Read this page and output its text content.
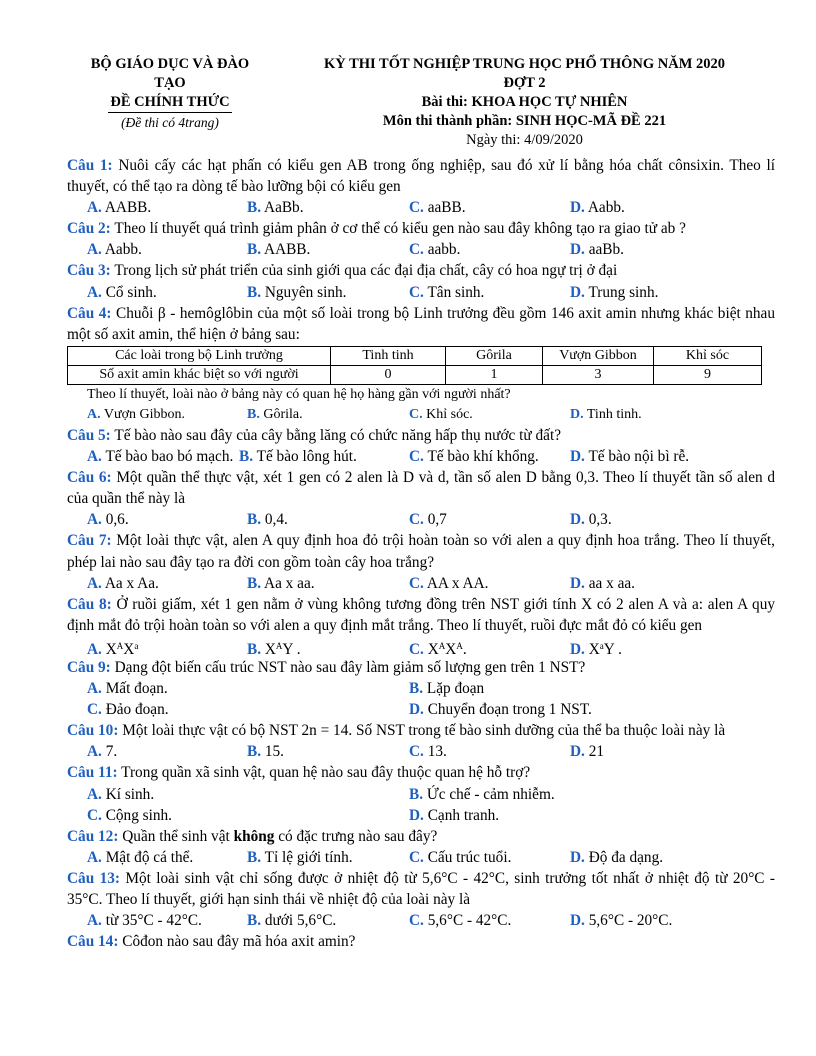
BỘ GIÁO DỤC VÀ ĐÀO
TẠO
ĐỀ CHÍNH THỨC
(Đề thi có 4trang)
KỲ THI TỐT NGHIỆP TRUNG HỌC PHỔ THÔNG NĂM 2020
ĐỢT 2
Bài thi: KHOA HỌC TỰ NHIÊN
Môn thi thành phần: SINH HỌC-MÃ ĐỀ 221
Ngày thi: 4/09/2020

Câu 1: Nuôi cấy các hạt phấn có kiểu gen AB trong ống nghiệp, sau đó xử lí bằng hóa chất cônsixin. Theo lí thuyết, có thể tạo ra dòng tế bào lưỡng bội có kiểu gen

A. AABB.	B. AaBb.	C. aaBB.	D. Aabb.

Câu 2: Theo lí thuyết quá trình giảm phân ở cơ thể có kiểu gen nào sau đây không tạo ra giao tử ab ?

A. Aabb.	B. AABB.	C. aabb.	D. aaBb.

Câu 3: Trong lịch sử phát triển của sinh giới qua các đại địa chất, cây có hoa ngự trị ở đại

A. Cổ sinh.	B. Nguyên sinh.	C. Tân sinh.	D. Trung sinh.

Câu 4: Chuỗi β - hemôglôbin của một số loài trong bộ Linh trưởng đều gồm 146 axit amin nhưng khác biệt nhau một số axit amin, thể hiện ở bảng sau:

Các loài trong bộ Linh trưởng	Tinh tinh	Gôrila	Vượn Gibbon	Khỉ sóc
Số axit amin khác biệt so với người	0	1	3	9
Theo lí thuyết, loài nào ở bảng này có quan hệ họ hàng gần với người nhất?
A. Vượn Gibbon.	B. Gôrila.	C. Khỉ sóc.	D. Tinh tinh.

Câu 5: Tế bào nào sau đây của cây bằng lăng có chức năng hấp thụ nước từ đất?

A. Tế bào bao bó mạch. B. Tế bào lông hút.	C. Tế bào khí khổng. D. Tế bào nội bì rễ.

Câu 6: Một quần thể thực vật, xét 1 gen có 2 alen là D và d, tần số alen D bằng 0,3. Theo lí thuyết tần số alen d của quần thể này là

A. 0,6.	B. 0,4.	C. 0,7	D. 0,3.

Câu 7: Một loài thực vật, alen A quy định hoa đỏ trội hoàn toàn so với alen a quy định hoa trắng. Theo lí thuyết, phép lai nào sau đây tạo ra đời con gồm toàn cây hoa trắng?

A. Aa x Aa.	B. Aa x aa.	C. AA x AA.	D. aa x aa.

Câu 8: Ở ruồi giấm, xét 1 gen nằm ở vùng không tương đồng trên NST giới tính X có 2 alen A và a: alen A quy định mắt đỏ trội hoàn toàn so với alen a quy định mắt trắng. Theo lí thuyết, ruồi đực mắt đỏ có kiểu gen

A. $X^AX^a$	B. $X^AY$ .	C. $X^AX^A$.	D. $X^aY$ .

Câu 9: Dạng đột biến cấu trúc NST nào sau đây làm giảm số lượng gen trên 1 NST?

A. Mất đoạn.	B. Lặp đoạn
C. Đảo đoạn.	D. Chuyển đoạn trong 1 NST.

Câu 10: Một loài thực vật có bộ NST 2n = 14. Số NST trong tế bào sinh dưỡng của thể ba thuộc loài này là

A. 7.	B. 15.	C. 13.	D. 21

Câu 11: Trong quần xã sinh vật, quan hệ nào sau đây thuộc quan hệ hỗ trợ?

A. Kí sinh.	B. Ức chế - cảm nhiễm.
C. Cộng sinh.	D. Cạnh tranh.

Câu 12: Quần thể sinh vật không có đặc trưng nào sau đây?

A. Mật độ cá thể.	B. Tỉ lệ giới tính.	C. Cấu trúc tuổi.	D. Độ đa dạng.

Câu 13: Một loài sinh vật chỉ sống được ở nhiệt độ từ 5,6°C - 42°C, sinh trưởng tốt nhất ở nhiệt độ từ 20°C - 35°C. Theo lí thuyết, giới hạn sinh thái về nhiệt độ của loài này là

A. từ 35°C - 42°C.	B. dưới 5,6°C.	C. 5,6°C - 42°C.	D. 5,6°C - 20°C.

Câu 14: Côđon nào sau đây mã hóa axit amin?
